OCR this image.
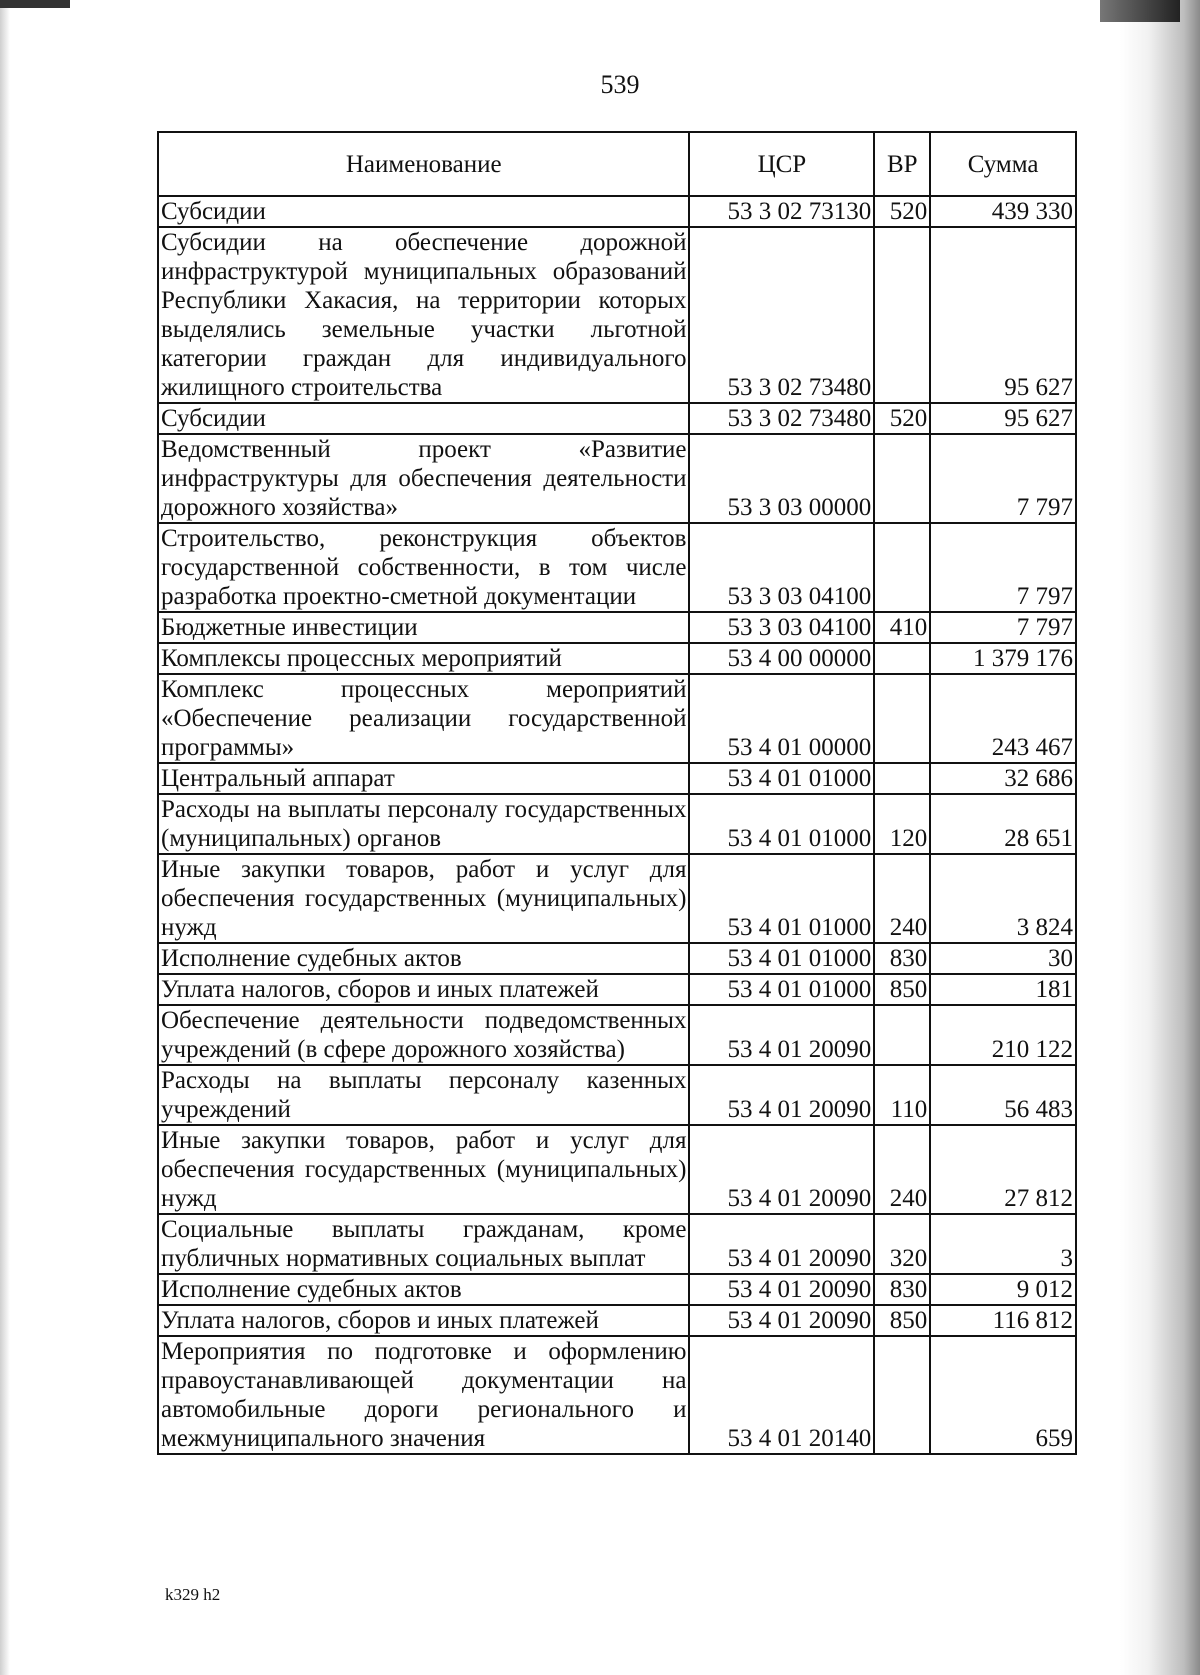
539
Наименование	ЦСР	ВР	Сумма
Субсидии	53 3 02 73130	520	439 330
Субсидии на обеспечение дорожной инфраструктурой муниципальных образований Республики Хакасия, на территории которых выделялись земельные участки льготной категории граждан для индивидуального жилищного строительства	53 3 02 73480		95 627
Субсидии	53 3 02 73480	520	95 627
Ведомственный проект «Развитие инфраструктуры для обеспечения деятельности дорожного хозяйства»	53 3 03 00000		7 797
Строительство, реконструкция объектов государственной собственности, в том числе разработка проектно-сметной документации	53 3 03 04100		7 797
Бюджетные инвестиции	53 3 03 04100	410	7 797
Комплексы процессных мероприятий	53 4 00 00000		1 379 176
Комплекс процессных мероприятий «Обеспечение реализации государственной программы»	53 4 01 00000		243 467
Центральный аппарат	53 4 01 01000		32 686
Расходы на выплаты персоналу государственных (муниципальных) органов	53 4 01 01000	120	28 651
Иные закупки товаров, работ и услуг для обеспечения государственных (муниципальных) нужд	53 4 01 01000	240	3 824
Исполнение судебных актов	53 4 01 01000	830	30
Уплата налогов, сборов и иных платежей	53 4 01 01000	850	181
Обеспечение деятельности подведомственных учреждений (в сфере дорожного хозяйства)	53 4 01 20090		210 122
Расходы на выплаты персоналу казенных учреждений	53 4 01 20090	110	56 483
Иные закупки товаров, работ и услуг для обеспечения государственных (муниципальных) нужд	53 4 01 20090	240	27 812
Социальные выплаты гражданам, кроме публичных нормативных социальных выплат	53 4 01 20090	320	3
Исполнение судебных актов	53 4 01 20090	830	9 012
Уплата налогов, сборов и иных платежей	53 4 01 20090	850	116 812
Мероприятия по подготовке и оформлению правоустанавливающей документации на автомобильные дороги регионального и межмуниципального значения	53 4 01 20140		659
k329 h2
